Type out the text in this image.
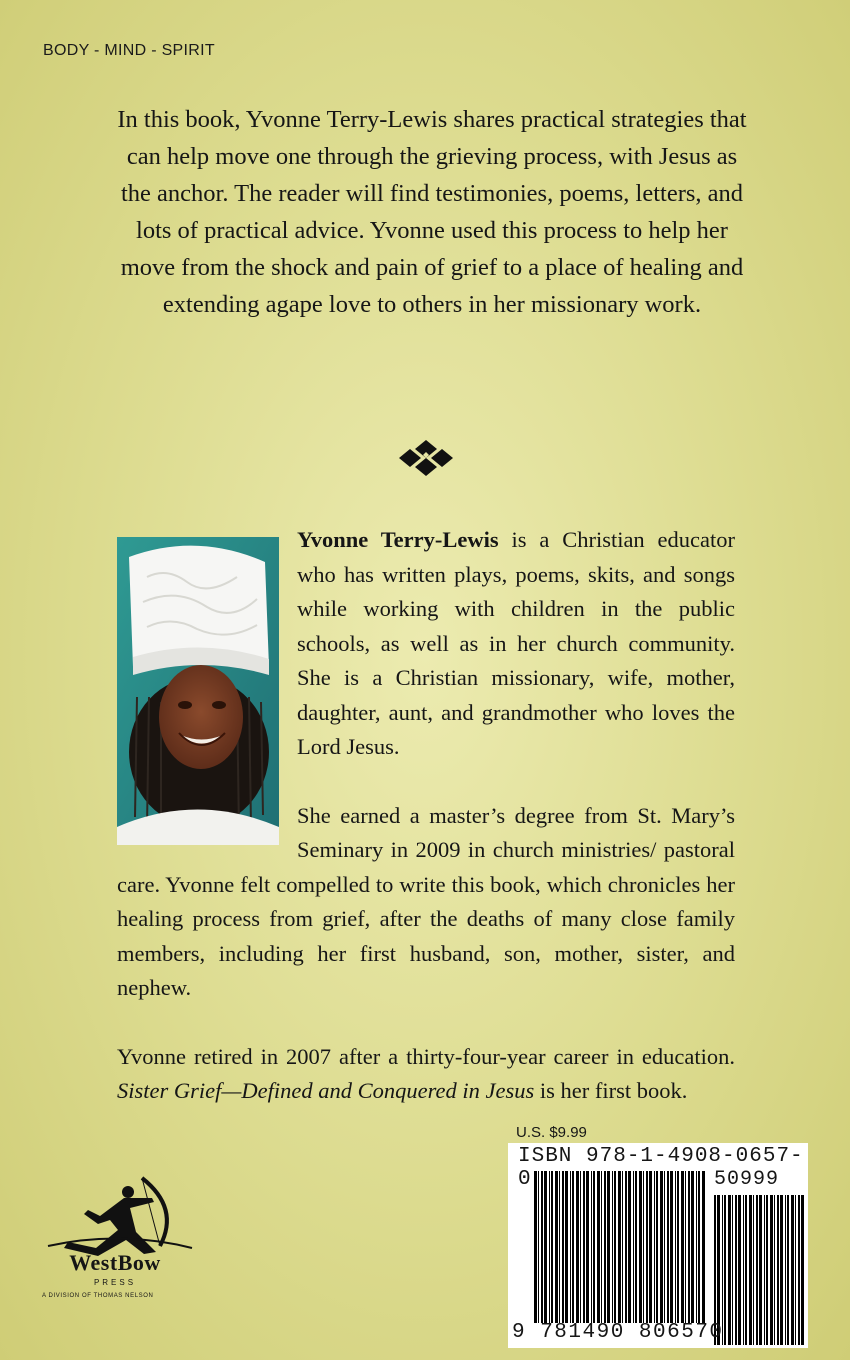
BODY - MIND - SPIRIT

In this book, Yvonne Terry-Lewis shares practical strategies that can help move one through the grieving process, with Jesus as the anchor. The reader will find testimonies, poems, letters, and lots of practical advice. Yvonne used this process to help her move from the shock and pain of grief to a place of healing and extending agape love to others in her missionary work.

Yvonne Terry-Lewis is a Christian educator who has written plays, poems, skits, and songs while working with children in the public schools, as well as in her church community. She is a Christian missionary, wife, mother, daughter, aunt, and grandmother who loves the Lord Jesus.

She earned a master’s degree from St. Mary’s Seminary in 2009 in church ministries/ pastoral care. Yvonne felt compelled to write this book, which chronicles her healing process from grief, after the deaths of many close family members, including her first husband, son, mother, sister, and nephew.

Yvonne retired in 2007 after a thirty-four-year career in education. Sister Grief—Defined and Conquered in Jesus is her first book.

U.S. $9.99
ISBN 978-1-4908-0657-0	50999
9 781490 806570
WestBow
PRESS
A DIVISION OF THOMAS NELSON
